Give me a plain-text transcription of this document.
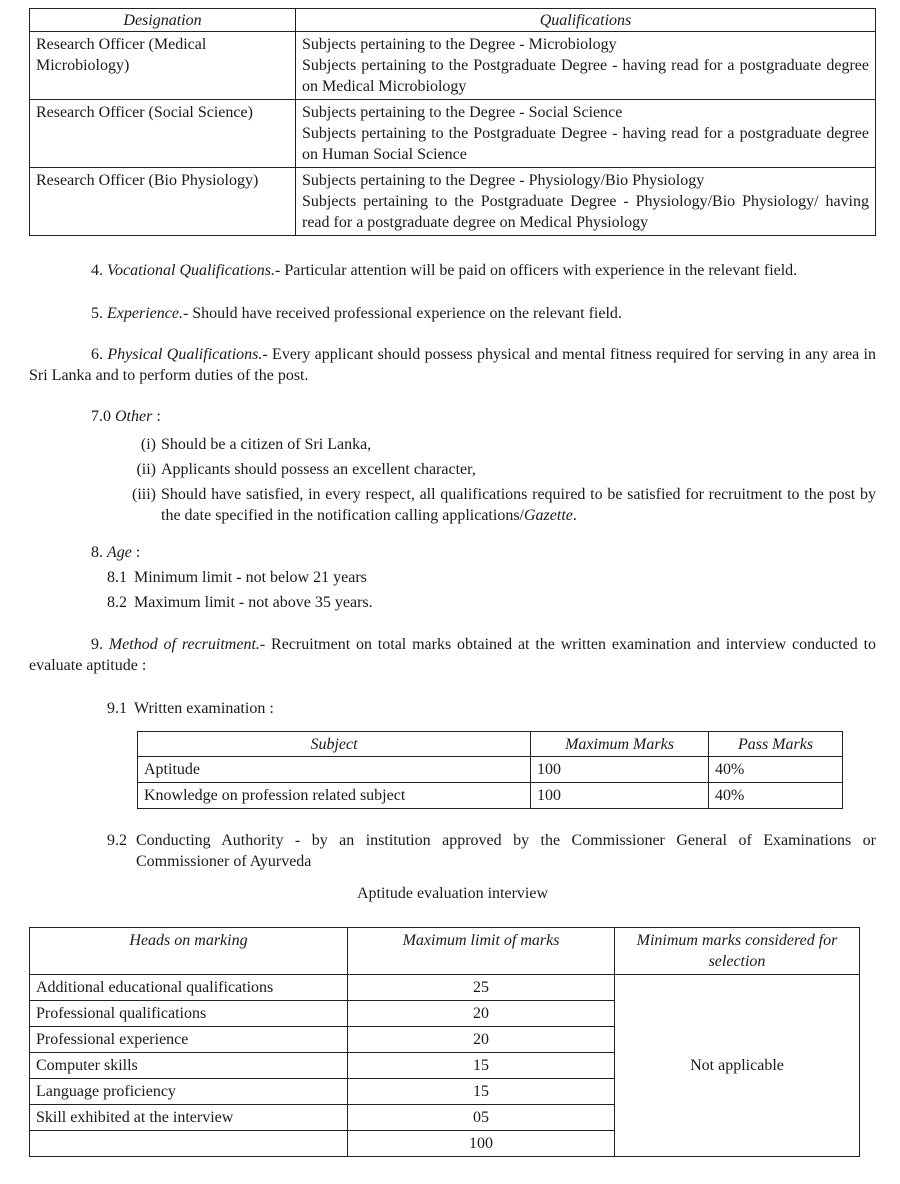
Designation	Qualifications
Research Officer (Medical Microbiology)	Subjects pertaining to the Degree - Microbiology
Subjects pertaining to the Postgraduate Degree - having read for a postgraduate degree on Medical Microbiology

Research Officer (Social Science)	Subjects pertaining to the Degree - Social Science
Subjects pertaining to the Postgraduate Degree - having read for a postgraduate degree on Human Social Science

Research Officer (Bio Physiology)	Subjects pertaining to the Degree - Physiology/Bio Physiology
Subjects pertaining to the Postgraduate Degree - Physiology/Bio Physiology/ having read for a postgraduate degree on Medical Physiology
4. Vocational Qualifications.- Particular attention will be paid on officers with experience in the relevant field.
5. Experience.- Should have received professional experience on the relevant field.
6. Physical Qualifications.- Every applicant should possess physical and mental fitness required for serving in any area in Sri Lanka and to perform duties of the post.
7.0 Other :
(i) Should be a citizen of Sri Lanka,
(ii) Applicants should possess an excellent character,
(iii) Should have satisfied, in every respect, all qualifications required to be satisfied for recruitment to the post by the date specified in the notification calling applications/Gazette.
8. Age :
8.1 Minimum limit - not below 21 years
8.2 Maximum limit - not above 35 years.
9. Method of recruitment.- Recruitment on total marks obtained at the written examination and interview conducted to evaluate aptitude :
9.1 Written examination :
Subject	Maximum Marks	Pass Marks
Aptitude	100	40%
Knowledge on profession related subject	100	40%
9.2 Conducting Authority - by an institution approved by the Commissioner General of Examinations or Commissioner of Ayurveda
Aptitude evaluation interview
Heads on marking	Maximum limit of marks	Minimum marks considered for selection
Additional educational qualifications	25	Not applicable
Professional qualifications	20	
Professional experience	20	
Computer skills	15	
Language proficiency	15	
Skill exhibited at the interview	05	
	100	
